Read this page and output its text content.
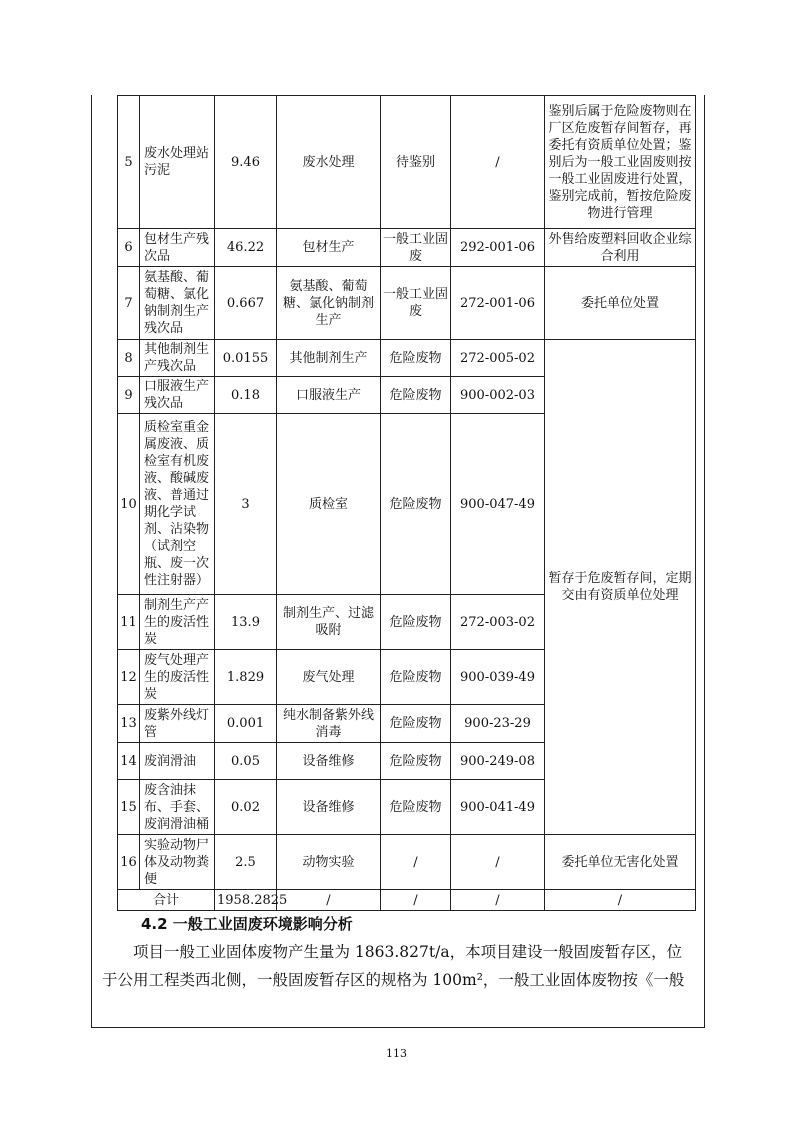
5	废水处理站污泥	9.46	废水处理	待鉴别	/	鉴别后属于危险废物则在厂区危废暂存间暂存，再委托有资质单位处置；鉴别后为一般工业固废则按一般工业固废进行处置，鉴别完成前，暂按危险废物进行管理
6	包材生产残次品	46.22	包材生产	一般工业固废	292-001-06	外售给废塑料回收企业综合利用
7	氨基酸、葡萄糖、氯化钠制剂生产残次品	0.667	氨基酸、葡萄糖、氯化钠制剂生产	一般工业固废	272-001-06	委托单位处置
8	其他制剂生产残次品	0.0155	其他制剂生产	危险废物	272-005-02	暂存于危废暂存间，定期交由有资质单位处理
9	口服液生产残次品	0.18	口服液生产	危险废物	900-002-03	
10	质检室重金属废液、质检室有机废液、酸碱废液、普通过期化学试剂、沾染物（试剂空瓶、废一次性注射器）	3	质检室	危险废物	900-047-49	
11	制剂生产产生的废活性炭	13.9	制剂生产、过滤吸附	危险废物	272-003-02	
12	废气处理产生的废活性炭	1.829	废气处理	危险废物	900-039-49	
13	废紫外线灯管	0.001	纯水制备紫外线消毒	危险废物	900-23-29	
14	废润滑油	0.05	设备维修	危险废物	900-249-08	
15	废含油抹布、手套、废润滑油桶	0.02	设备维修	危险废物	900-041-49	
16	实验动物尸体及动物粪便	2.5	动物实验	/	/	委托单位无害化处置
合计		1958.2825	/	/	/	/
4.2 一般工业固废环境影响分析
项目一般工业固体废物产生量为 1863.827t/a，本项目建设一般固废暂存区，位
于公用工程类西北侧，一般固废暂存区的规格为 100m²，一般工业固体废物按《一般
113
